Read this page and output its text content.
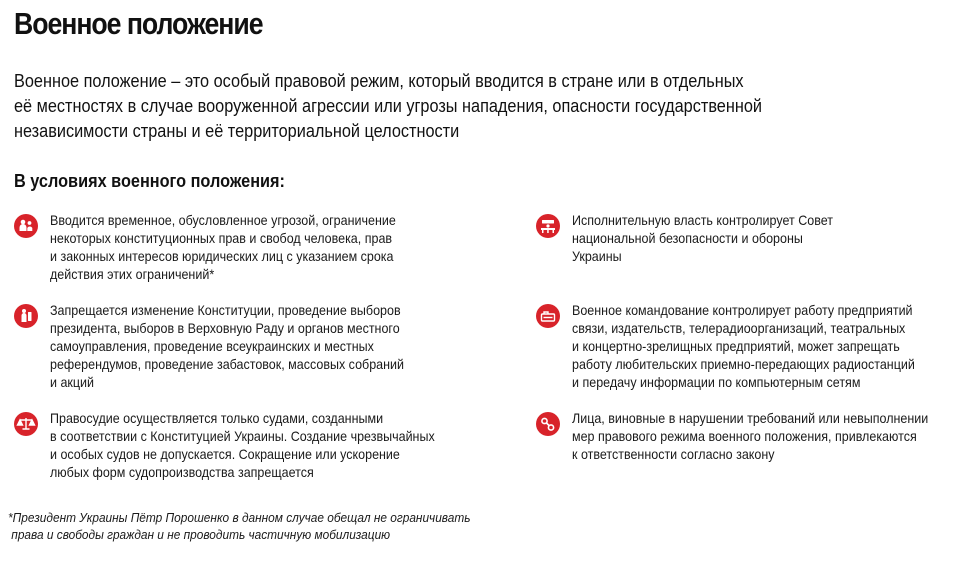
Военное положение
Военное положение – это особый правовой режим, который вводится в стране или в отдельных
её местностях в случае вооруженной агрессии или угрозы нападения, опасности государственной
независимости страны и её территориальной целостности
В условиях военного положения:
Вводится временное, обусловленное угрозой, ограничение
некоторых конституционных прав и свобод человека, прав
и законных интересов юридических лиц с указанием срока
действия этих ограничений*
Запрещается изменение Конституции, проведение выборов
президента, выборов в Верховную Раду и органов местного
самоуправления, проведение всеукраинских и местных
референдумов, проведение забастовок, массовых собраний
и акций
Правосудие осуществляется только судами, созданными
в соответствии с Конституцией Украины. Создание чрезвычайных
и особых судов не допускается. Сокращение или ускорение
любых форм судопроизводства запрещается
Исполнительную власть контролирует Совет
национальной безопасности и обороны
Украины
Военное командование контролирует работу предприятий
связи, издательств, телерадиоорганизаций, театральных
и концертно-зрелищных предприятий, может запрещать
работу любительских приемно-передающих радиостанций
и передачу информации по компьютерным сетям
Лица, виновные в нарушении требований или невыполнении
мер правового режима военного положения, привлекаются
к ответственности согласно закону
*Президент Украины Пётр Порошенко в данном случае обещал не ограничивать
права и свободы граждан и не проводить частичную мобилизацию
